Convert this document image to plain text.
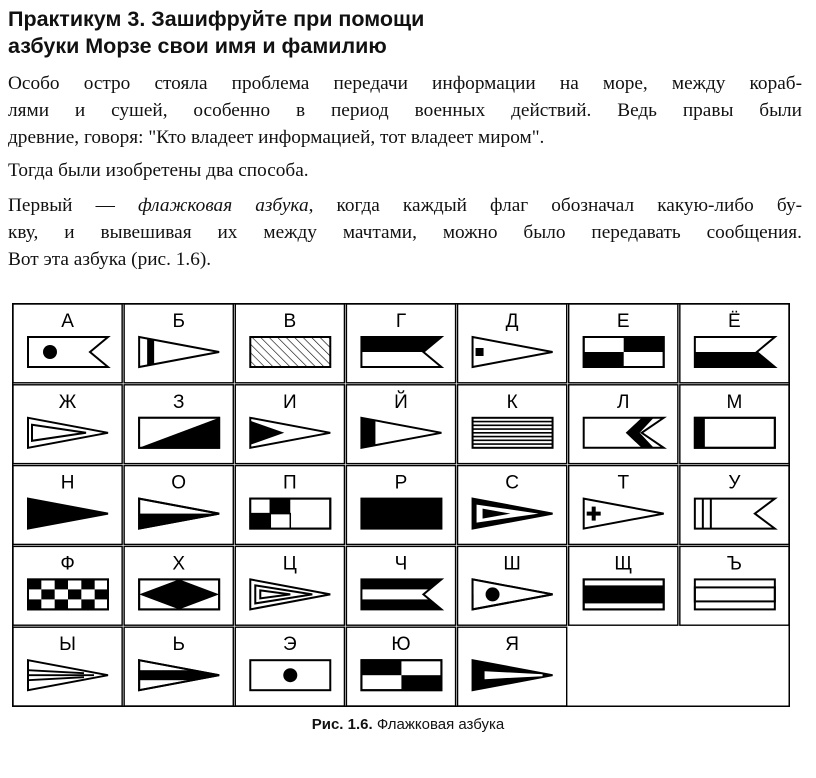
Практикум 3. Зашифруйте при помощи
азбуки Морзе свои имя и фамилию
Особо остро стояла проблема передачи информации на море, между кораб-
лями и сушей, особенно в период военных действий. Ведь правы были
древние, говоря: "Кто владеет информацией, тот владеет миром".
Тогда были изобретены два способа.
Первый — флажковая азбука, когда каждый флаг обозначал какую-либо бу-
кву, и вывешивая их между мачтами, можно было передавать сообщения.
Вот эта азбука (рис. 1.6).
А	Б	В	Г	Д	Е	Ё
Ж	З	И	Й	К	Л	М
Н	О	П	Р	С	Т	У
Ф	Х	Ц	Ч	Ш	Щ	Ъ
Ы	Ь	Э	Ю	Я
Рис. 1.6. Флажковая азбука
